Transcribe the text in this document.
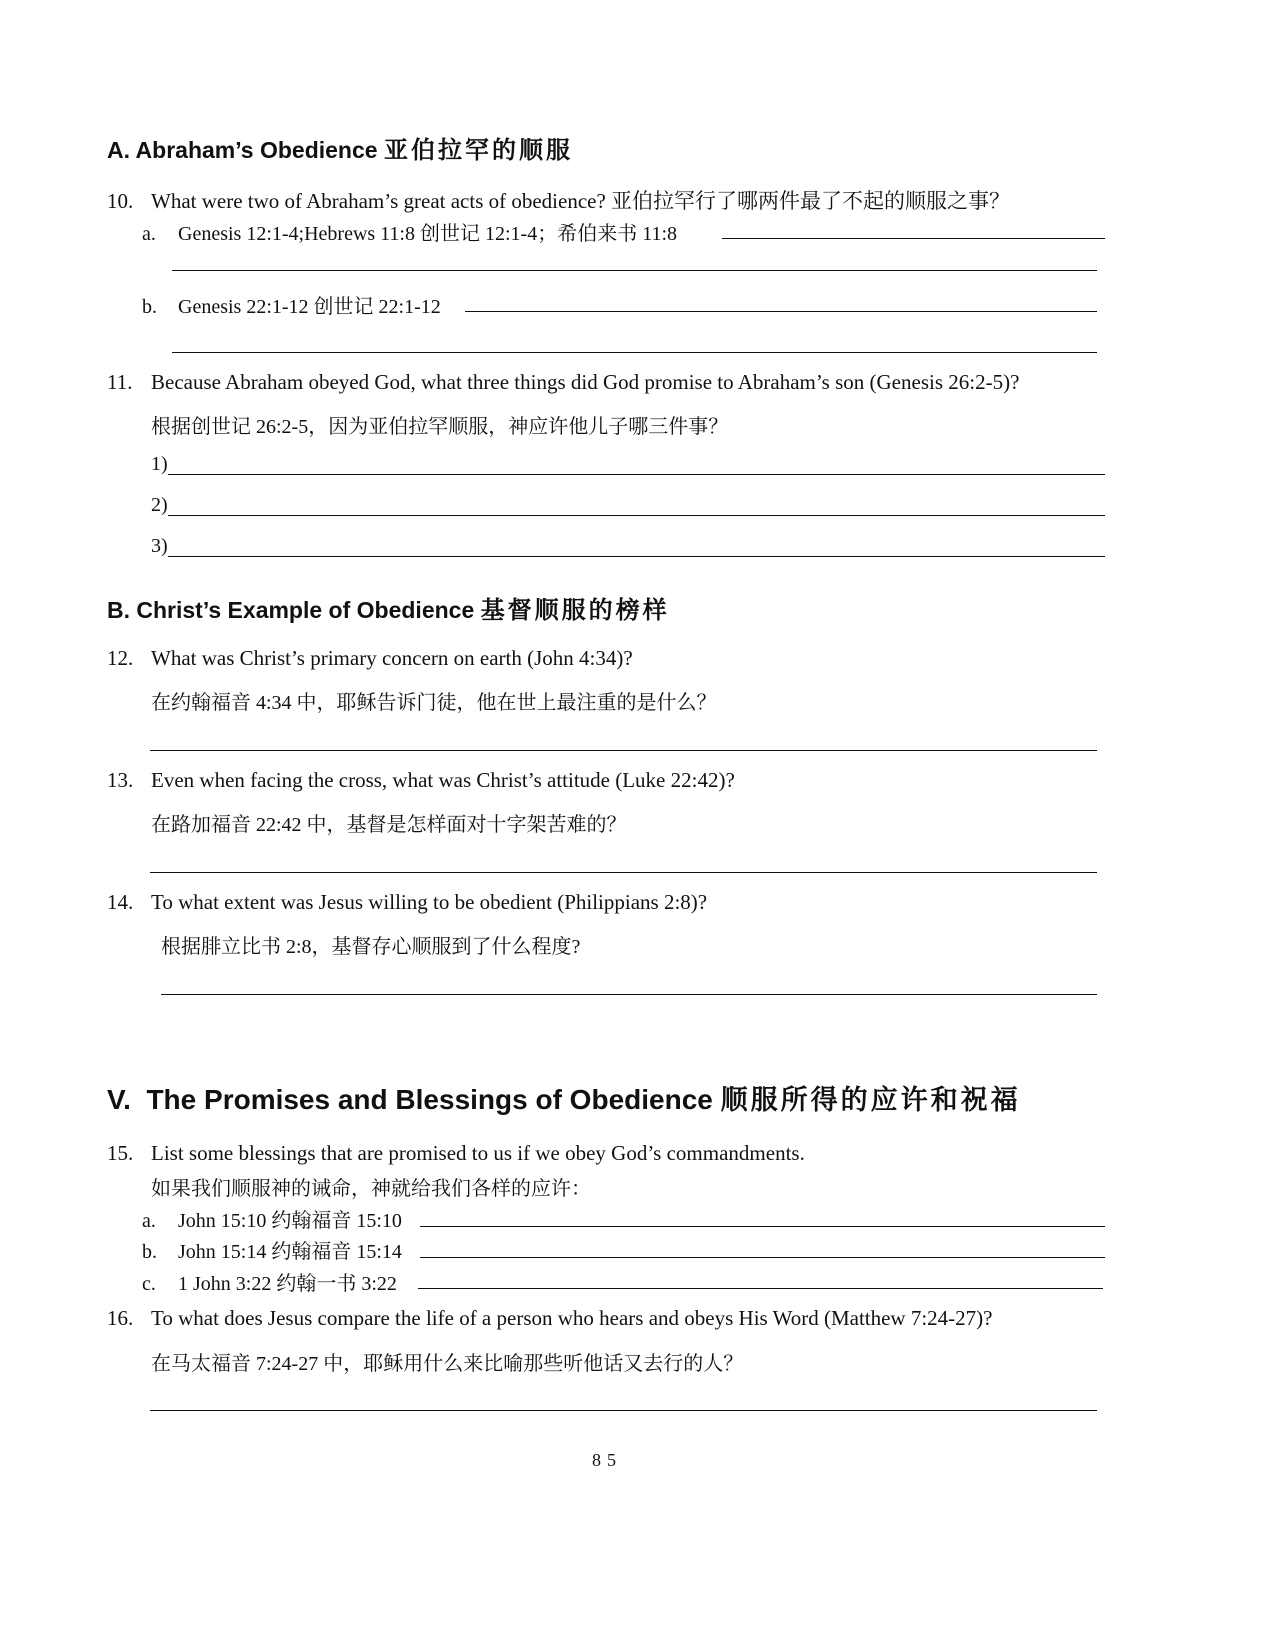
A. Abraham’s Obedience 亚伯拉罕的顺服
10. What were two of Abraham’s great acts of obedience? 亚伯拉罕行了哪两件最了不起的顺服之事？
a. Genesis 12:1-4;Hebrews 11:8 创世记 12:1-4；希伯来书 11:8
b. Genesis 22:1-12 创世记 22:1-12
11. Because Abraham obeyed God, what three things did God promise to Abraham’s son (Genesis 26:2-5)?
根据创世记 26:2-5，因为亚伯拉罕顺服，神应许他儿子哪三件事？
1)
2)
3)
B. Christ’s Example of Obedience 基督顺服的榜样
12. What was Christ’s primary concern on earth (John 4:34)?
在约翰福音 4:34 中，耶稣告诉门徒，他在世上最注重的是什么？
13. Even when facing the cross, what was Christ’s attitude (Luke 22:42)?
在路加福音 22:42 中，基督是怎样面对十字架苦难的？
14. To what extent was Jesus willing to be obedient (Philippians 2:8)?
根据腓立比书 2:8，基督存心顺服到了什么程度?
V. The Promises and Blessings of Obedience 顺服所得的应许和祝福
15. List some blessings that are promised to us if we obey God’s commandments.
如果我们顺服神的诫命，神就给我们各样的应许：
a. John 15:10 约翰福音 15:10
b. John 15:14 约翰福音 15:14
c. 1 John 3:22 约翰一书 3:22
16. To what does Jesus compare the life of a person who hears and obeys His Word (Matthew 7:24-27)?
在马太福音 7:24-27 中，耶稣用什么来比喻那些听他话又去行的人？
85
